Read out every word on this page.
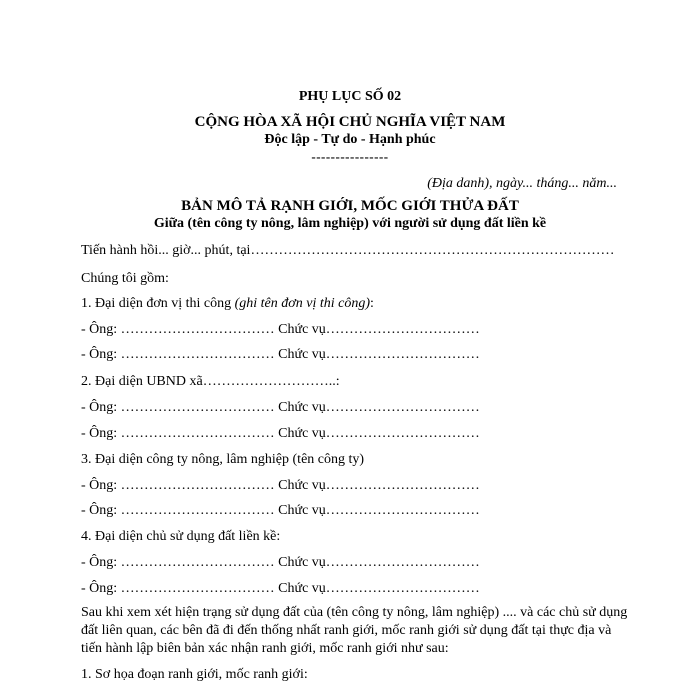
PHỤ LỤC SỐ 02
CỘNG HÒA XÃ HỘI CHỦ NGHĨA VIỆT NAM
Độc lập - Tự do - Hạnh phúc
----------------
(Địa danh), ngày... tháng... năm...
BẢN MÔ TẢ RẠNH GIỚI, MỐC GIỚI THỬA ĐẤT
Giữa (tên công ty nông, lâm nghiệp) với người sử dụng đất liền kề
Tiến hành hồi... giờ... phút, tại……………………………………………………………………
Chúng tôi gồm:
1. Đại diện đơn vị thi công (ghi tên đơn vị thi công):
- Ông: …………………………… Chức vụ……………………………
- Ông: …………………………… Chức vụ……………………………
2. Đại diện UBND xã………………………..:
- Ông: …………………………… Chức vụ……………………………
- Ông: …………………………… Chức vụ……………………………
3. Đại diện công ty nông, lâm nghiệp (tên công ty)
- Ông: …………………………… Chức vụ……………………………
- Ông: …………………………… Chức vụ……………………………
4. Đại diện chủ sử dụng đất liền kề:
- Ông: …………………………… Chức vụ……………………………
- Ông: …………………………… Chức vụ……………………………
Sau khi xem xét hiện trạng sử dụng đất của (tên công ty nông, lâm nghiệp) .... và các chủ sử dụng đất liên quan, các bên đã đi đến thống nhất ranh giới, mốc ranh giới sử dụng đất tại thực địa và tiến hành lập biên bản xác nhận ranh giới, mốc ranh giới như sau:
1. Sơ họa đoạn ranh giới, mốc ranh giới:
